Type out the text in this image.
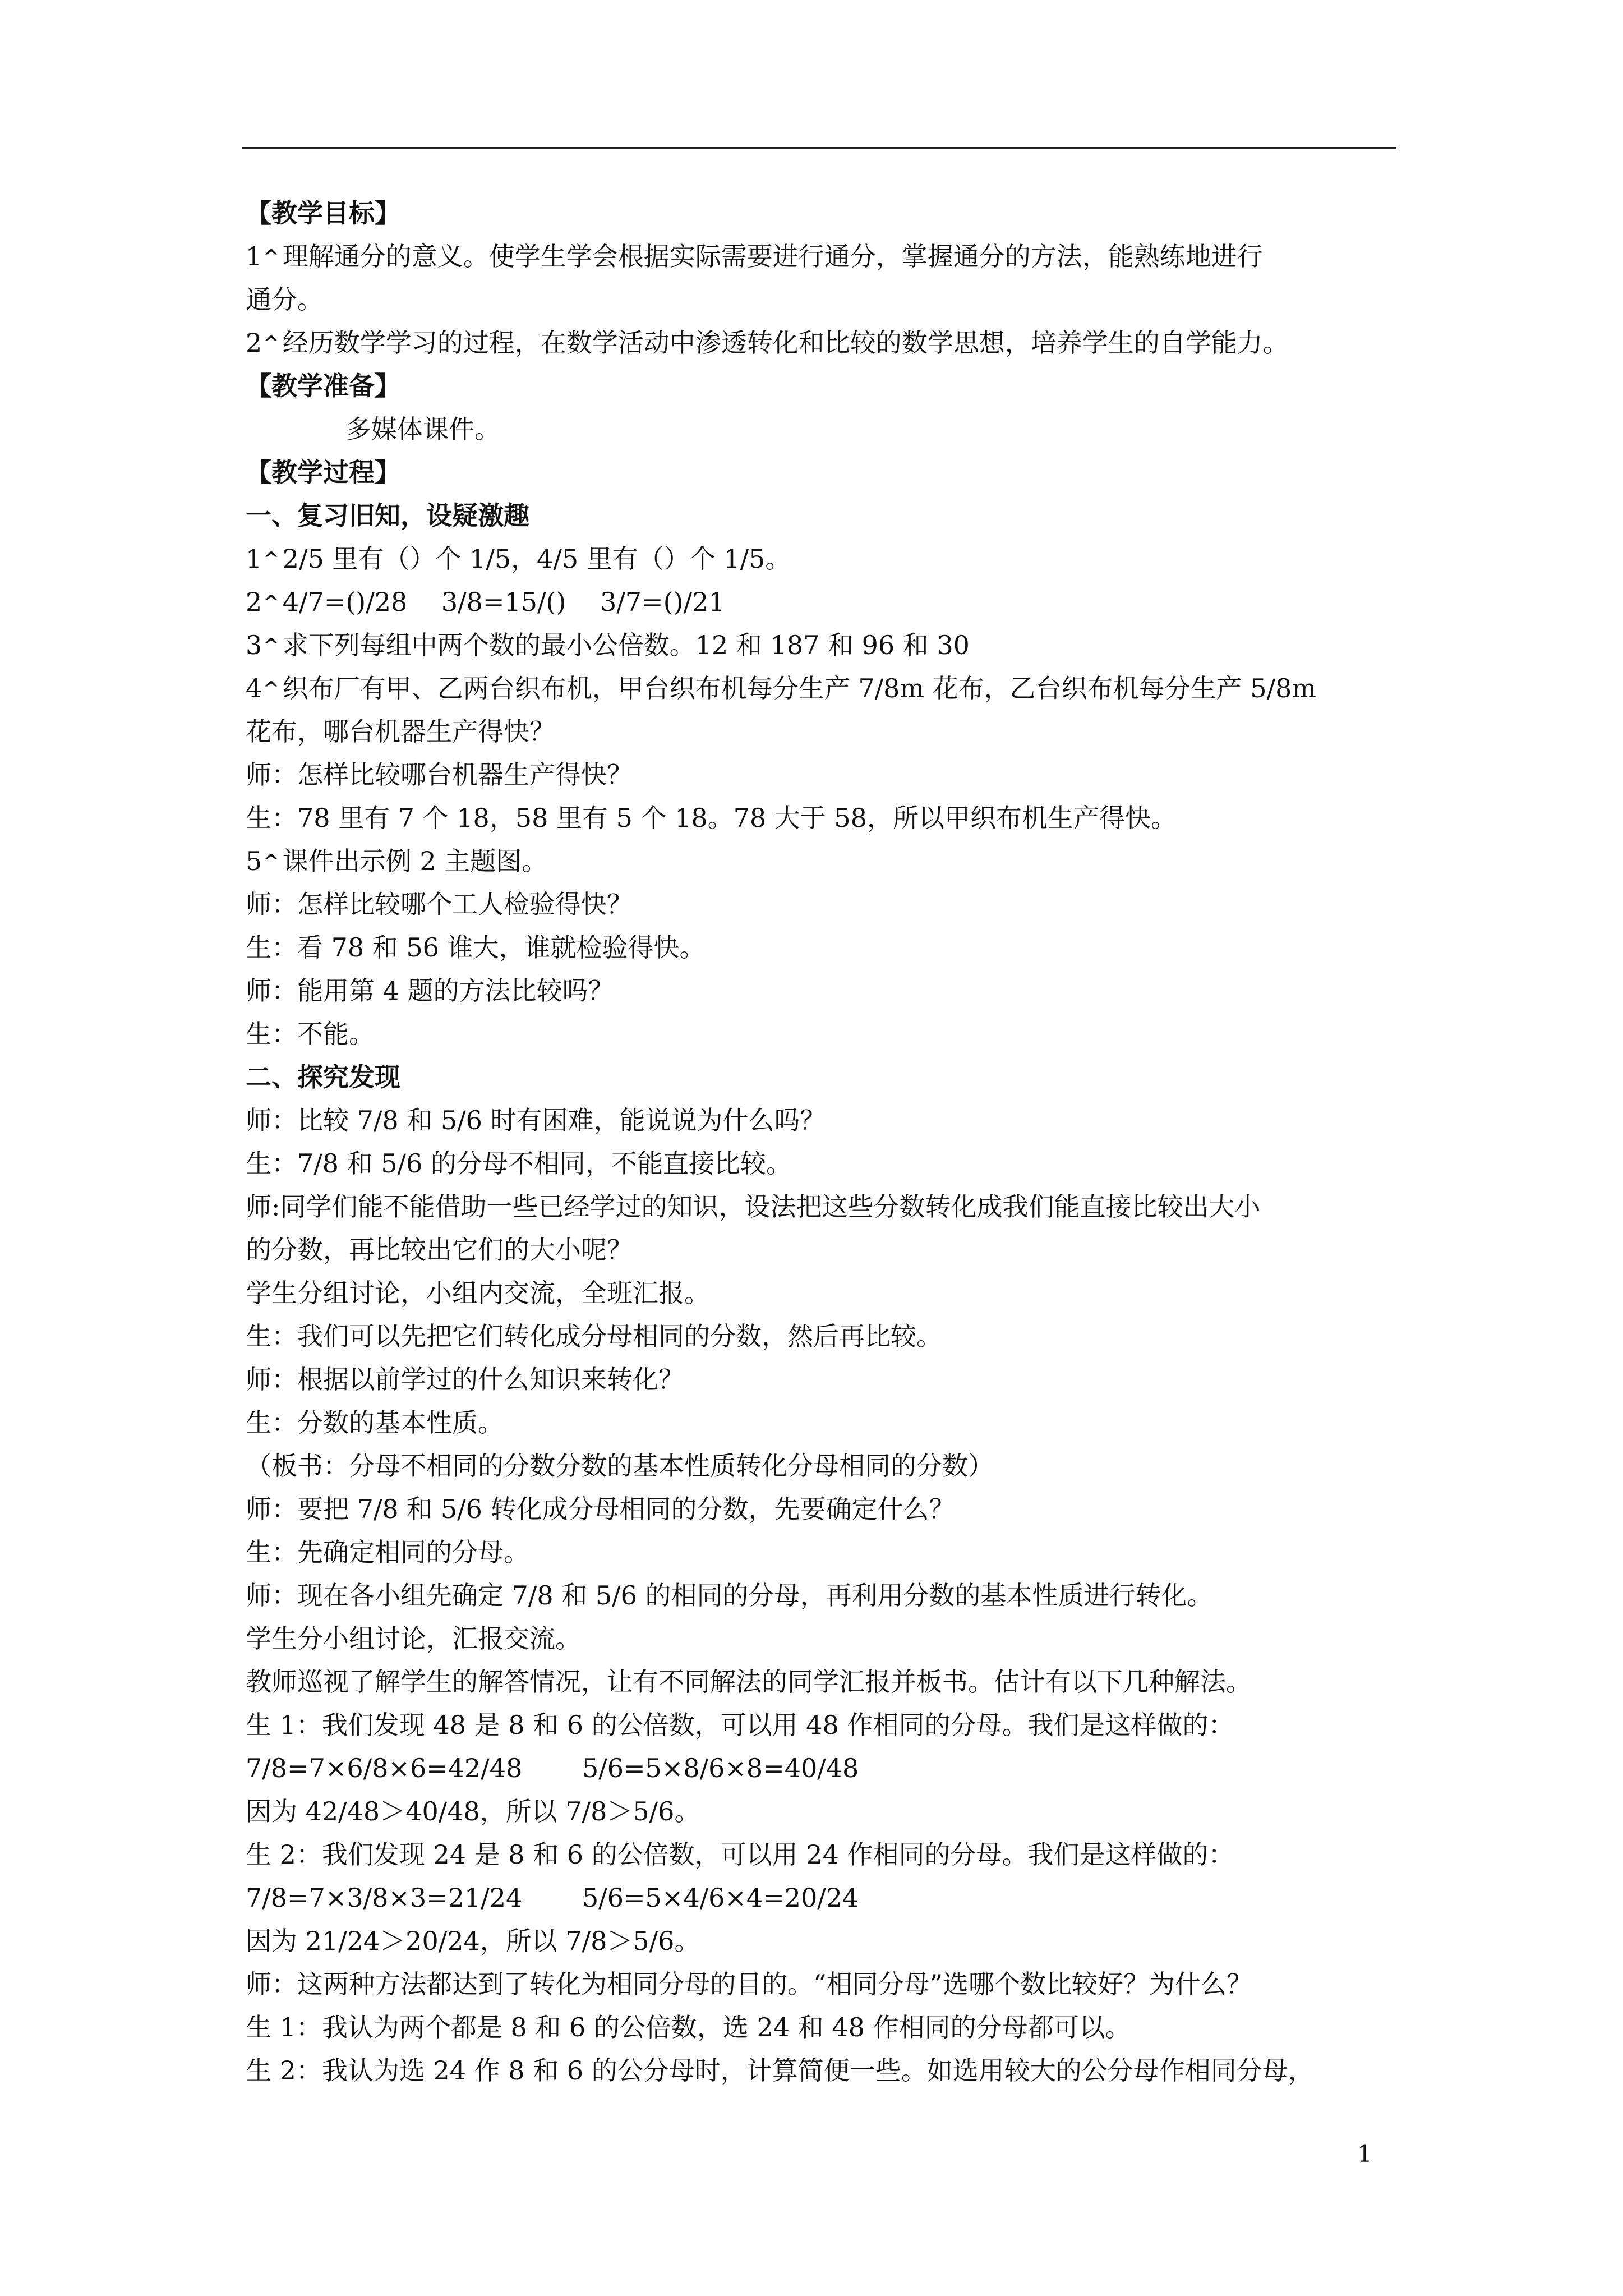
【教学目标】
1^ 理解通分的意义。使学生学会根据实际需要进行通分，掌握通分的方法，能熟练地进行
通分。
2^ 经历数学学习的过程，在数学活动中渗透转化和比较的数学思想，培养学生的自学能力。
【教学准备】
多媒体课件。
【教学过程】
一、复习旧知，设疑激趣
1^ 2/5 里有（）个 1/5，4/5 里有（）个 1/5。
2^ 4/7=()/28　 3/8=15/()　 3/7=()/21
3^ 求下列每组中两个数的最小公倍数。12 和 187 和 96 和 30
4^ 织布厂有甲、乙两台织布机，甲台织布机每分生产 7/8m 花布，乙台织布机每分生产 5/8m
花布，哪台机器生产得快？
师：怎样比较哪台机器生产得快？
生：78 里有 7 个 18，58 里有 5 个 18。78 大于 58，所以甲织布机生产得快。
5^ 课件出示例 2 主题图。
师：怎样比较哪个工人检验得快？
生：看 78 和 56 谁大，谁就检验得快。
师：能用第 4 题的方法比较吗？
生：不能。
二、探究发现
师：比较 7/8 和 5/6 时有困难，能说说为什么吗？
生：7/8 和 5/6 的分母不相同，不能直接比较。
师:同学们能不能借助一些已经学过的知识，设法把这些分数转化成我们能直接比较出大小
的分数，再比较出它们的大小呢？
学生分组讨论，小组内交流，全班汇报。
生：我们可以先把它们转化成分母相同的分数，然后再比较。
师：根据以前学过的什么知识来转化？
生：分数的基本性质。
（板书：分母不相同的分数分数的基本性质转化分母相同的分数）
师：要把 7/8 和 5/6 转化成分母相同的分数，先要确定什么？
生：先确定相同的分母。
师：现在各小组先确定 7/8 和 5/6 的相同的分母，再利用分数的基本性质进行转化。
学生分小组讨论，汇报交流。
教师巡视了解学生的解答情况，让有不同解法的同学汇报并板书。估计有以下几种解法。
生 1：我们发现 48 是 8 和 6 的公倍数，可以用 48 作相同的分母。我们是这样做的：
7/8=7×6/8×6=42/48　　 5/6=5×8/6×8=40/48
因为 42/48＞40/48，所以 7/8＞5/6。
生 2：我们发现 24 是 8 和 6 的公倍数，可以用 24 作相同的分母。我们是这样做的：
7/8=7×3/8×3=21/24　　 5/6=5×4/6×4=20/24
因为 21/24＞20/24，所以 7/8＞5/6。
师：这两种方法都达到了转化为相同分母的目的。“相同分母”选哪个数比较好？为什么？
生 1：我认为两个都是 8 和 6 的公倍数，选 24 和 48 作相同的分母都可以。
生 2：我认为选 24 作 8 和 6 的公分母时，计算简便一些。如选用较大的公分母作相同分母，
1
